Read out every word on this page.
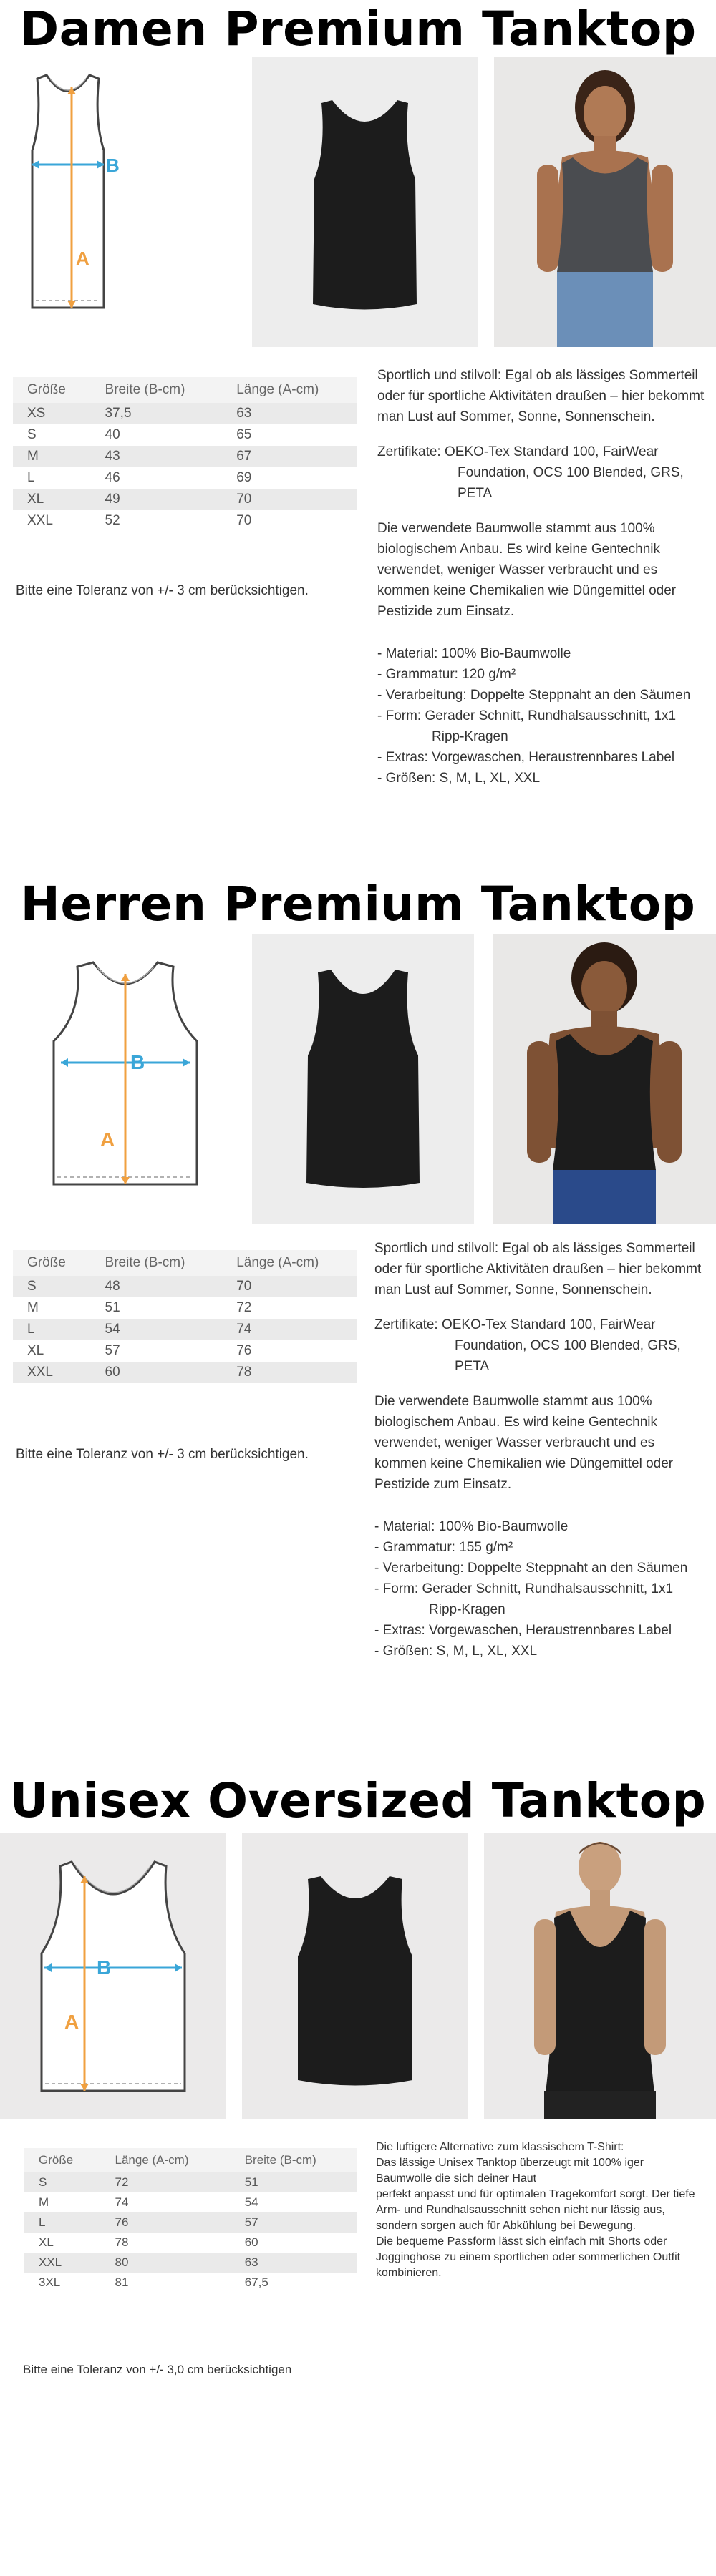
Damen Premium Tanktop
B
A
Größe	Breite (B-cm)	Länge (A-cm)
XS	37,5	63
S	40	65
M	43	67
L	46	69
XL	49	70
XXL	52	70
Bitte eine Toleranz von +/- 3 cm berücksichtigen.

Sportlich und stilvoll: Egal ob als lässiges Sommerteil oder für sportliche Aktivitäten draußen – hier bekommt man Lust auf Sommer, Sonne, Sonnenschein.

Zertifikate: OEKO-Tex Standard 100, FairWear Foundation, OCS 100 Blended, GRS, PETA

Die verwendete Baumwolle stammt aus 100% biologischem Anbau. Es wird keine Gentechnik verwendet, weniger Wasser verbraucht und es kommen keine Chemikalien wie Düngemittel oder Pestizide zum Einsatz.

- Material: 100% Bio-Baumwolle
- Grammatur: 120 g/m²
- Verarbeitung: Doppelte Steppnaht an den Säumen
- Form: Gerader Schnitt, Rundhalsausschnitt, 1x1 Ripp-Kragen
- Extras: Vorgewaschen, Heraustrennbares Label
- Größen: S, M, L, XL, XXL
Herren Premium Tanktop
B
A
Größe	Breite (B-cm)	Länge (A-cm)
S	48	70
M	51	72
L	54	74
XL	57	76
XXL	60	78
Bitte eine Toleranz von +/- 3 cm berücksichtigen.

Sportlich und stilvoll: Egal ob als lässiges Sommerteil oder für sportliche Aktivitäten draußen – hier bekommt man Lust auf Sommer, Sonne, Sonnenschein.

Zertifikate: OEKO-Tex Standard 100, FairWear Foundation, OCS 100 Blended, GRS, PETA

Die verwendete Baumwolle stammt aus 100% biologischem Anbau. Es wird keine Gentechnik verwendet, weniger Wasser verbraucht und es kommen keine Chemikalien wie Düngemittel oder Pestizide zum Einsatz.

- Material: 100% Bio-Baumwolle
- Grammatur: 155 g/m²
- Verarbeitung: Doppelte Steppnaht an den Säumen
- Form: Gerader Schnitt, Rundhalsausschnitt, 1x1 Ripp-Kragen
- Extras: Vorgewaschen, Heraustrennbares Label
- Größen: S, M, L, XL, XXL
Unisex Oversized Tanktop
B
A
Größe	Länge (A-cm)	Breite (B-cm)
S	72	51
M	74	54
L	76	57
XL	78	60
XXL	80	63
3XL	81	67,5
Bitte eine Toleranz von +/- 3,0 cm berücksichtigen
Die luftigere Alternative zum klassischem T-Shirt:
Das lässige Unisex Tanktop überzeugt mit 100% iger Baumwolle die sich deiner Haut
perfekt anpasst und für optimalen Tragekomfort sorgt. Der tiefe Arm- und Rundhalsausschnitt sehen nicht nur lässig aus, sondern sorgen auch für Abkühlung bei Bewegung.
Die bequeme Passform lässt sich einfach mit Shorts oder Jogginghose zu einem sportlichen oder sommerlichen Outfit kombinieren.
